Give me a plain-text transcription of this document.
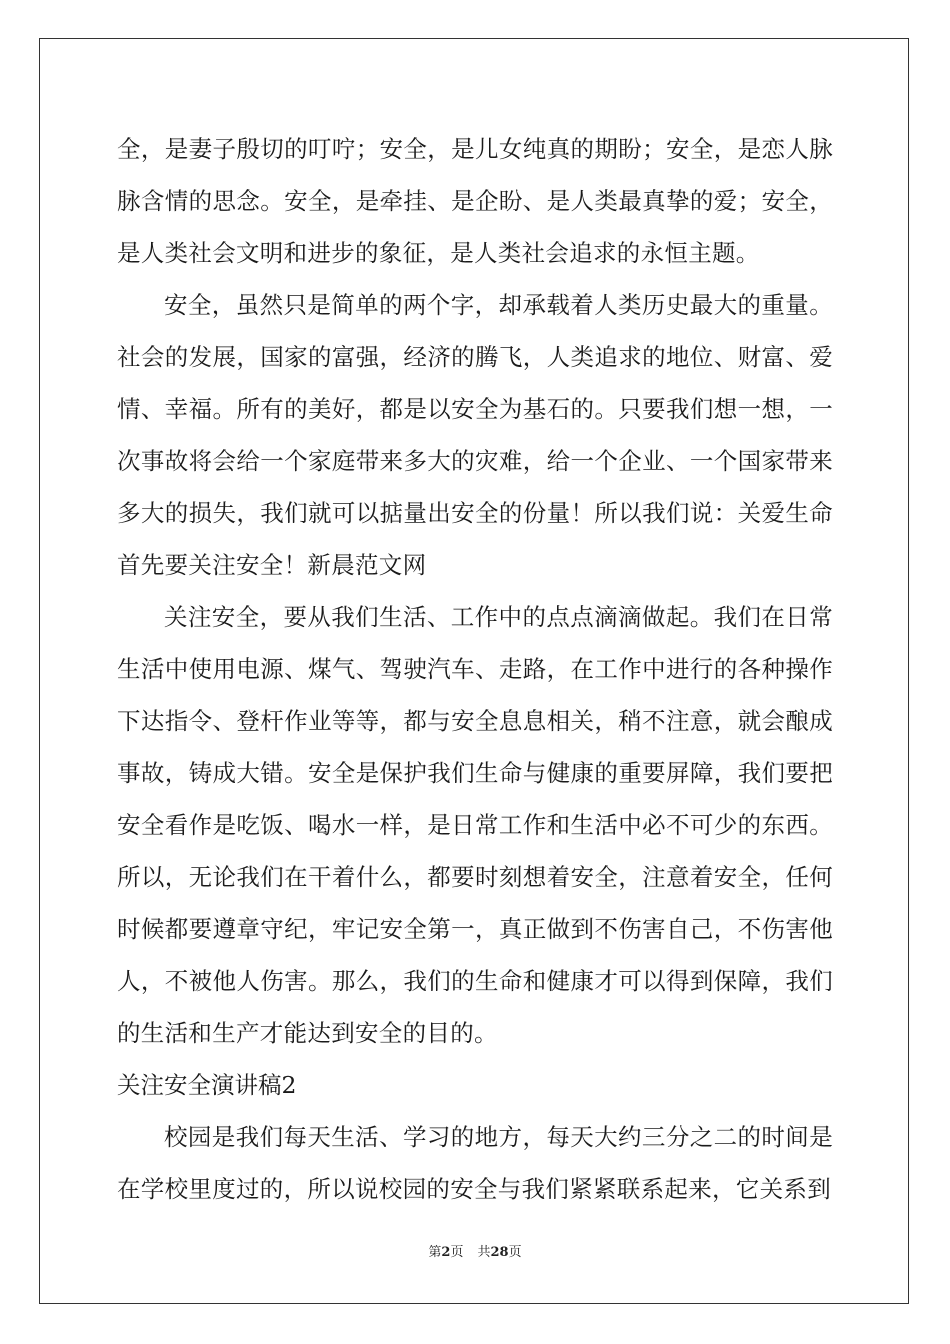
全，是妻子殷切的叮咛；安全，是儿女纯真的期盼；安全，是恋人脉脉含情的思念。安全，是牵挂、是企盼、是人类最真挚的爱；安全，是人类社会文明和进步的象征，是人类社会追求的永恒主题。

安全，虽然只是简单的两个字，却承载着人类历史最大的重量。社会的发展，国家的富强，经济的腾飞，人类追求的地位、财富、爱情、幸福。所有的美好，都是以安全为基石的。只要我们想一想，一次事故将会给一个家庭带来多大的灾难，给一个企业、一个国家带来多大的损失，我们就可以掂量出安全的份量！所以我们说：关爱生命首先要关注安全！新晨范文网

关注安全，要从我们生活、工作中的点点滴滴做起。我们在日常生活中使用电源、煤气、驾驶汽车、走路，在工作中进行的各种操作下达指令、登杆作业等等，都与安全息息相关，稍不注意，就会酿成事故，铸成大错。安全是保护我们生命与健康的重要屏障，我们要把安全看作是吃饭、喝水一样，是日常工作和生活中必不可少的东西。所以，无论我们在干着什么，都要时刻想着安全，注意着安全，任何时候都要遵章守纪，牢记安全第一，真正做到不伤害自己，不伤害他人，不被他人伤害。那么，我们的生命和健康才可以得到保障，我们的生活和生产才能达到安全的目的。

关注安全演讲稿2

校园是我们每天生活、学习的地方，每天大约三分之二的时间是在学校里度过的，所以说校园的安全与我们紧紧联系起来，它关系到

第2页 共28页
